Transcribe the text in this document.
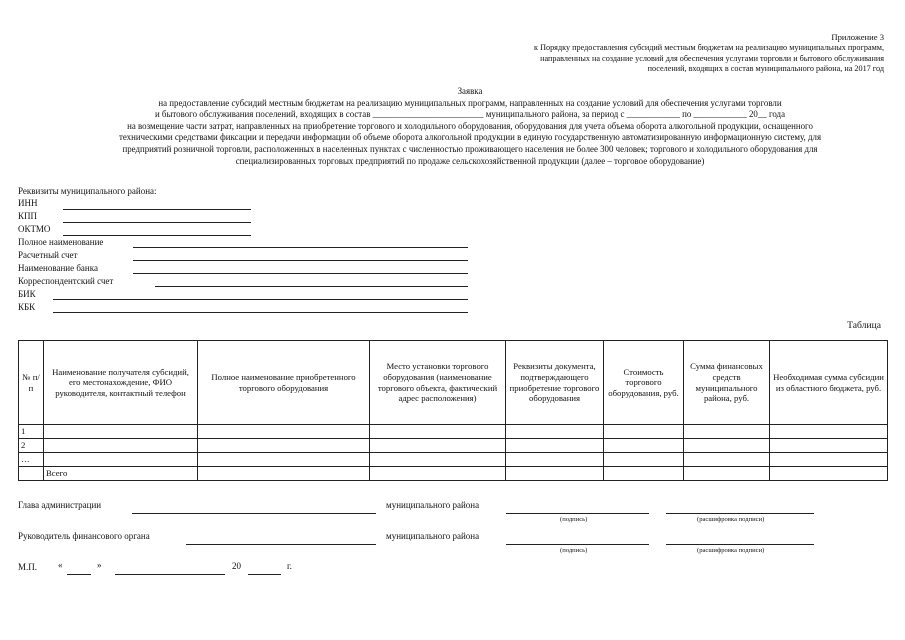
Приложение 3
к Порядку предоставления субсидий местным бюджетам на реализацию муниципальных программ,
направленных на создание условий для обеспечения услугами торговли и бытового обслуживания
поселений, входящих в состав муниципального района, на 2017 год
Заявка
на предоставление субсидий местным бюджетам на реализацию муниципальных программ, направленных на создание условий для обеспечения услугами торговли
и бытового обслуживания поселений, входящих в состав _________________________ муниципального района, за период с ____________ по ____________ 20__ года
на возмещение части затрат, направленных на приобретение торгового и холодильного оборудования, оборудования для учета объема оборота алкогольной продукции, оснащенного
техническими средствами фиксации и передачи информации об объеме оборота алкогольной продукции в единую государственную автоматизированную информационную систему, для
предприятий розничной торговли, расположенных в населенных пунктах с численностью проживающего населения не более 300 человек; торгового и холодильного оборудования для
специализированных торговых предприятий по продаже сельскохозяйственной продукции (далее – торговое оборудование)
Реквизиты муниципального района:
ИНН
КПП
ОКТМО
Полное наименование
Расчетный счет
Наименование банка
Корреспондентский счет
БИК
КБК
Таблица
№ п/п	Наименование получателя субсидий, его местонахождение, ФИО руководителя, контактный телефон	Полное наименование приобретенного торгового оборудования	Место установки торгового оборудования (наименование торгового объекта, фактический адрес расположения)	Реквизиты документа, подтверждающего приобретение торгового оборудования	Стоимость торгового оборудования, руб.	Сумма финансовых средств муниципального района, руб.	Необходимая сумма субсидии из областного бюджета, руб.
1							
2							
…							
	Всего						
Глава администрации	муниципального района
(подпись)	(расшифровка подписи)
Руководитель финансового органа	муниципального района
(подпись)	(расшифровка подписи)
М.П. «	»	20	г.
